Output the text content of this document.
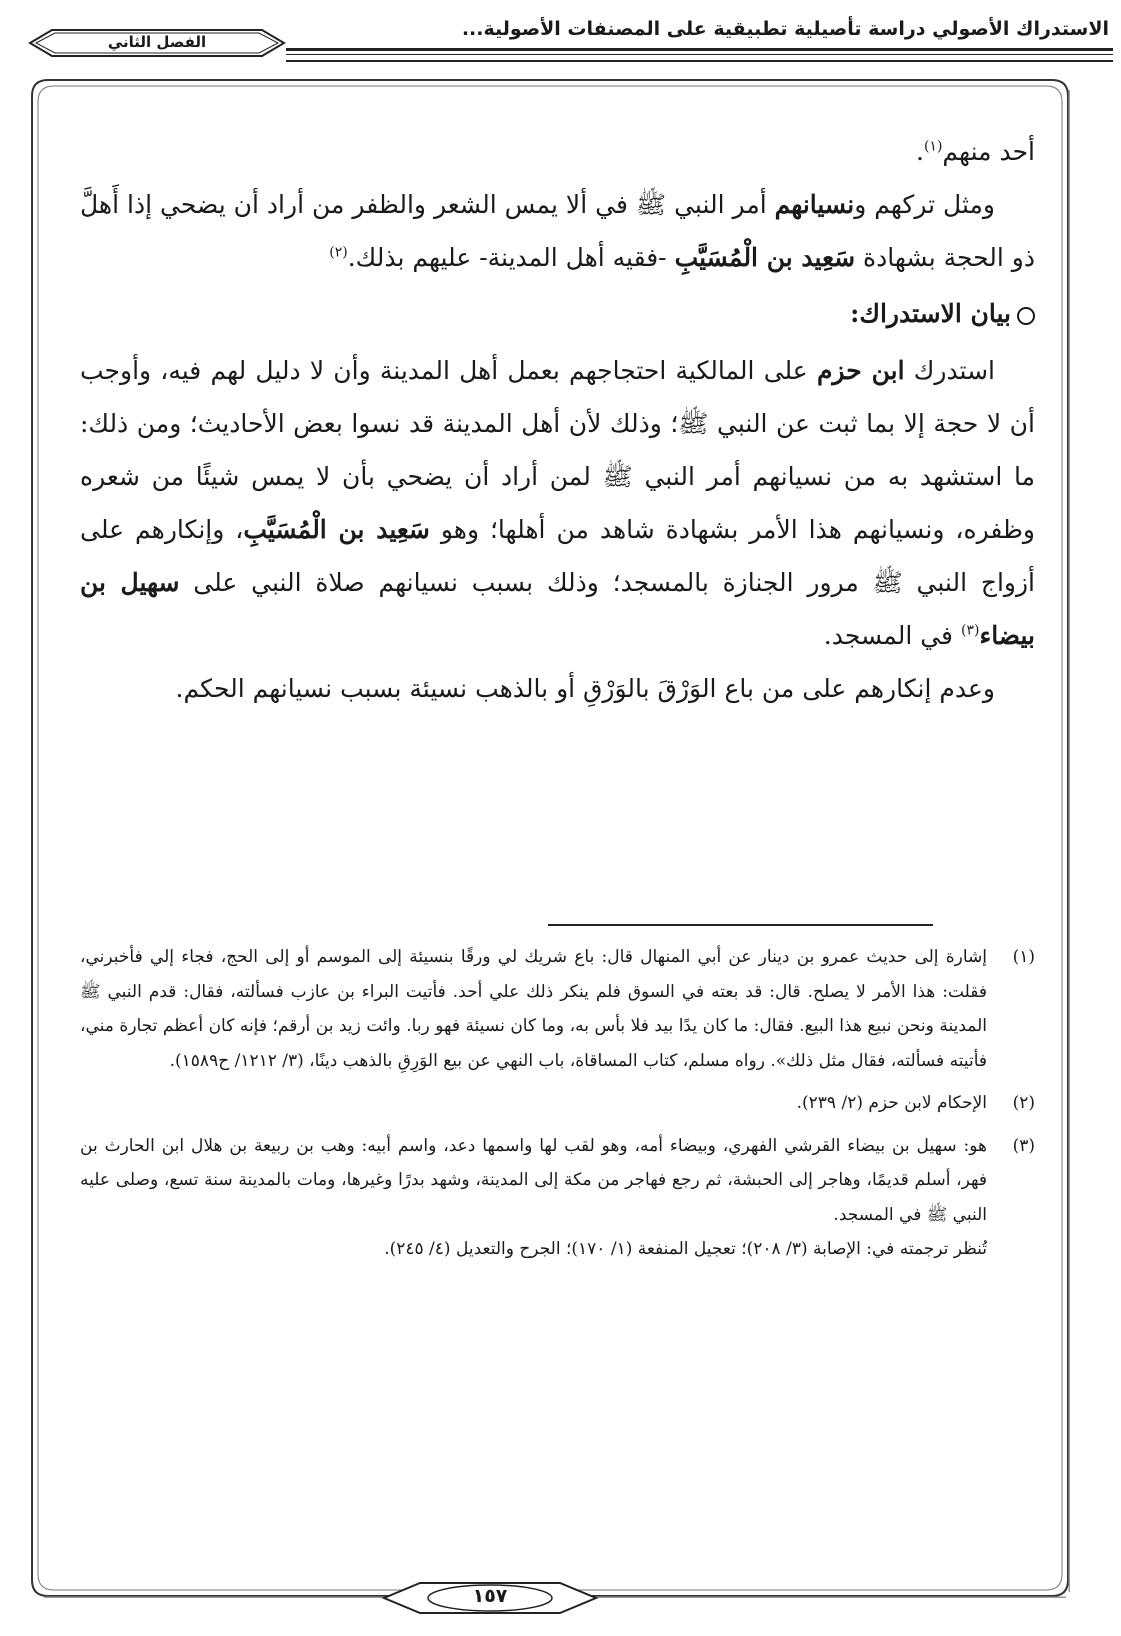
الاستدراك الأصولي دراسة تأصيلية تطبيقية على المصنفات الأصولية...
الفصل الثاني

أحد منهم$^{(١)}$.

ومثل تركهم ونسيانهم أمر النبي ﷺ في ألا يمس الشعر والظفر من أراد أن يضحي إذا أَهلَّ ذو الحجة بشهادة سَعِيد بن الْمُسَيَّبِ -فقيه أهل المدينة- عليهم بذلك.$^{(٢)}$

بيان الاستدراك:

استدرك ابن حزم على المالكية احتجاجهم بعمل أهل المدينة وأن لا دليل لهم فيه، وأوجب أن لا حجة إلا بما ثبت عن النبي ﷺ؛ وذلك لأن أهل المدينة قد نسوا بعض الأحاديث؛ ومن ذلك: ما استشهد به من نسيانهم أمر النبي ﷺ لمن أراد أن يضحي بأن لا يمس شيئًا من شعره وظفره، ونسيانهم هذا الأمر بشهادة شاهد من أهلها؛ وهو سَعِيد بن الْمُسَيَّبِ، وإنكارهم على أزواج النبي ﷺ مرور الجنازة بالمسجد؛ وذلك بسبب نسيانهم صلاة النبي على سهيل بن بيضاء$^{(٣)}$ في المسجد.

وعدم إنكارهم على من باع الوَرْقَ بالوَرْقِ أو بالذهب نسيئة بسبب نسيانهم الحكم.

(١)
إشارة إلى حديث عمرو بن دينار عن أبي المنهال قال: باع شريك لي ورقًا بنسيئة إلى الموسم أو إلى الحج، فجاء إلي فأخبرني، فقلت: هذا الأمر لا يصلح. قال: قد بعته في السوق فلم ينكر ذلك علي أحد. فأتيت البراء بن عازب فسألته، فقال: قدم النبي ﷺ المدينة ونحن نبيع هذا البيع. فقال: ما كان يدًا بيد فلا بأس به، وما كان نسيئة فهو ربا. وائت زيد بن أرقم؛ فإنه كان أعظم تجارة مني، فأتيته فسألته، فقال مثل ذلك». رواه مسلم، كتاب المساقاة، باب النهي عن بيع الوَرِقِ بالذهب دينًا، (٣/ ١٢١٢/ ح١٥٨٩).
(٢)
الإحكام لابن حزم (٢/ ٢٣٩).
(٣)

هو: سهيل بن بيضاء القرشي الفهري، وبيضاء أمه، وهو لقب لها واسمها دعد، واسم أبيه: وهب بن ربيعة بن هلال ابن الحارث بن فهر، أسلم قديمًا، وهاجر إلى الحبشة، ثم رجع فهاجر من مكة إلى المدينة، وشهد بدرًا وغيرها، ومات بالمدينة سنة تسع، وصلى عليه النبي ﷺ في المسجد.

تُنظر ترجمته في: الإصابة (٣/ ٢٠٨)؛ تعجيل المنفعة (١/ ١٧٠)؛ الجرح والتعديل (٤/ ٢٤٥).

١٥٧
